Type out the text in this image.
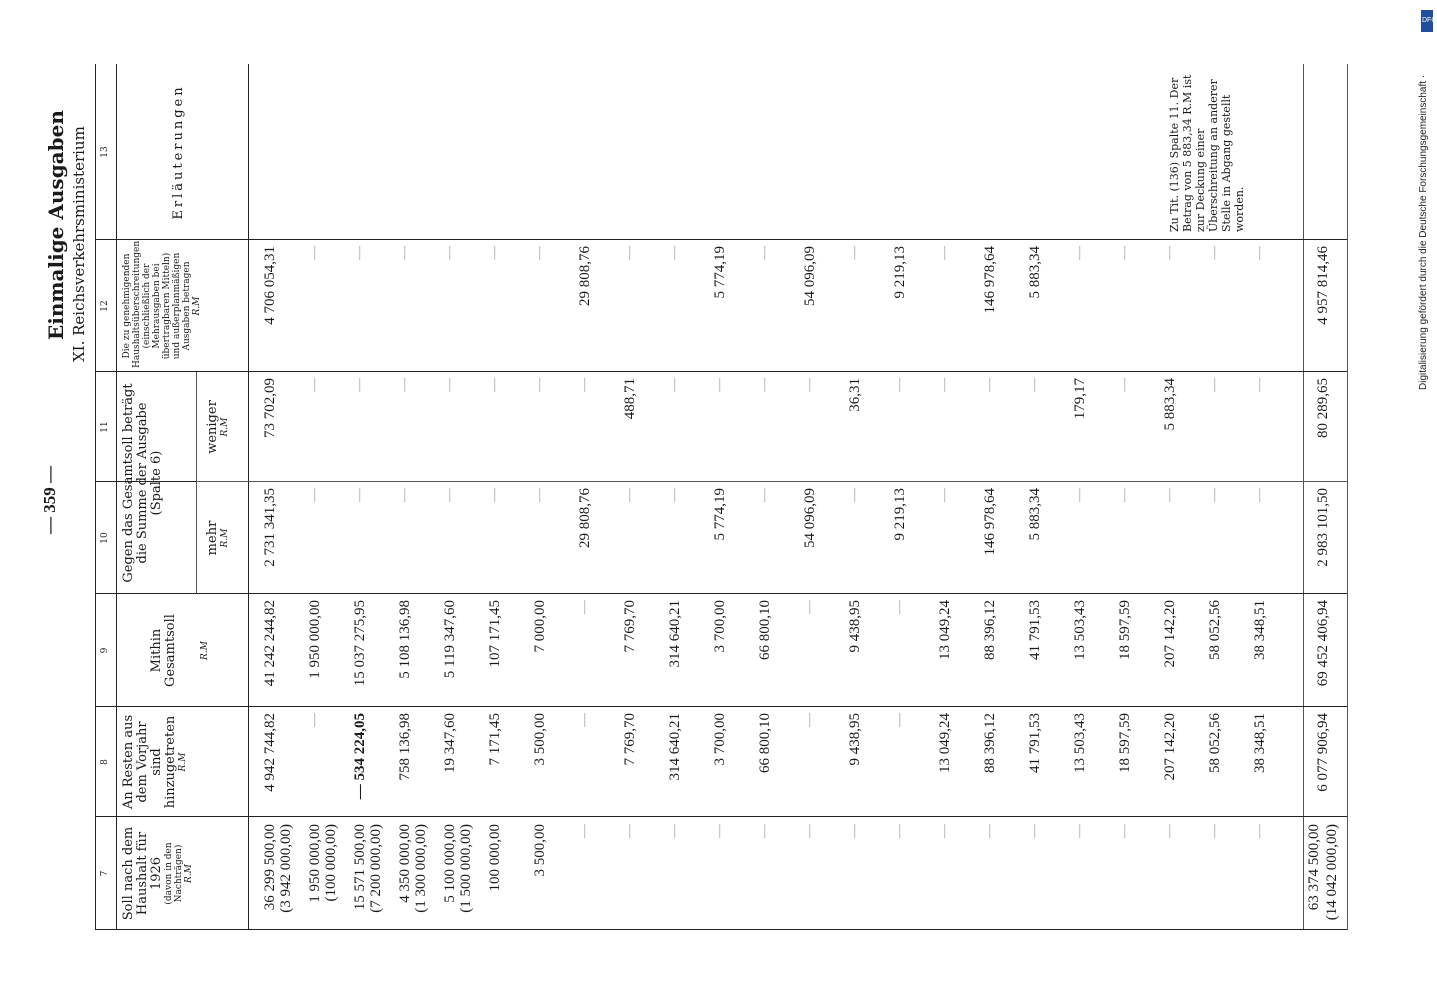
— 359 —
Einmalige Ausgaben XI. Reichsverkehrsministerium
7
8
9
10
11
12
13
Soll nach dem Haushalt für 1926 (davon in den Nachträgen) R.M
An Resten aus dem Vorjahr sind hinzugetreten R.M
Mithin Gesamtsoll R.M
Gegen das Gesamtsoll beträgt die Summe der Ausgabe (Spalte 6)
mehr R.M
weniger R.M
Die zu genehmigenden Haushaltsüberschreitungen (einschließlich der Mehrausgaben bei übertragbaren Mitteln) und außerplanmäßigen Ausgaben betragen R.M
Erläuterungen
36 299 500,00
4 942 744,82
41 242 244,82
2 731 341,35
73 702,09
4 706 054,31
(3 942 000,00) 1 950 000,00
—
1 950 000,00
—
—
—
(100 000,00) 15 571 500,00
— 534 224,05
15 037 275,95
—
—
—
(7 200 000,00) 4 350 000,00
758 136,98
5 108 136,98
—
—
—
(1 300 000,00) 5 100 000,00
19 347,60
5 119 347,60
—
—
—
(1 500 000,00) 100 000,00
7 171,45
107 171,45
—
—
—
3 500,00
3 500,00
7 000,00
—
—
—
—
—
—
29 808,76
—
29 808,76
—
7 769,70
7 769,70
—
488,71
—
—
314 640,21
314 640,21
—
—
—
—
3 700,00
3 700,00
5 774,19
—
5 774,19
—
66 800,10
66 800,10
—
—
—
—
—
—
54 096,09
—
54 096,09
—
9 438,95
9 438,95
—
36,31
—
—
—
—
9 219,13
—
9 219,13
—
13 049,24
13 049,24
—
—
—
—
88 396,12
88 396,12
146 978,64
—
146 978,64
—
41 791,53
41 791,53
5 883,34
—
5 883,34
—
13 503,43
13 503,43
—
179,17
—
—
18 597,59
18 597,59
—
—
—
—
207 142,20
207 142,20
—
5 883,34
—
—
58 052,56
58 052,56
—
—
—
—
38 348,51
38 348,51
—
—
—
63 374 500,00 (14 042 000,00)
6 077 906,94
69 452 406,94
2 983 101,50
80 289,65
4 957 814,46
Zu Tit. (136) Spalte 11. Der Betrag von 5 883,34 R.M ist zur Deckung einer Überschreitung an anderer Stelle in Abgang gestellt worden.
DFG
Digitalisierung gefördert durch die Deutsche Forschungsgemeinschaft ·
